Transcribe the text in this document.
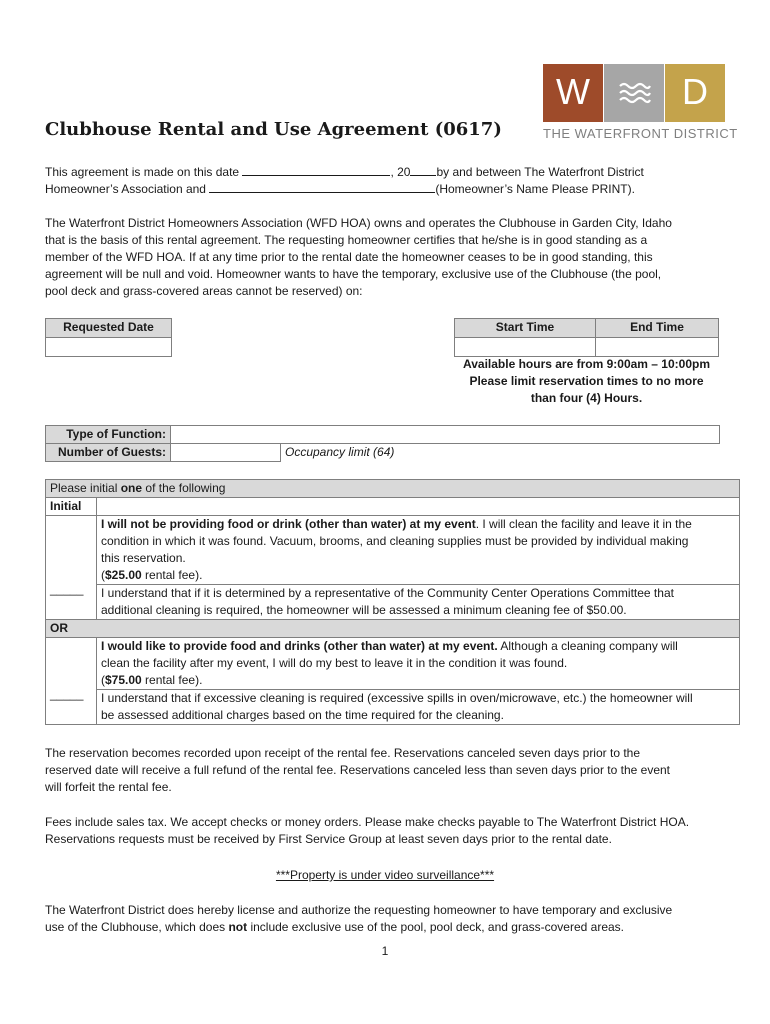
W	D
THE WATERFRONT DISTRICT
Clubhouse Rental and Use Agreement (0617)
This agreement is made on this date	, 20 by and between The Waterfront District
Homeowner’s Association and	(Homeowner’s Name Please PRINT).
The Waterfront District Homeowners Association (WFD HOA) owns and operates the Clubhouse in Garden City, Idaho
that is the basis of this rental agreement. The requesting homeowner certifies that he/she is in good standing as a
member of the WFD HOA. If at any time prior to the rental date the homeowner ceases to be in good standing, this
agreement will be null and void. Homeowner wants to have the temporary, exclusive use of the Clubhouse (the pool,
pool deck and grass-covered areas cannot be reserved) on:
Requested Date	Start Time	End Time

Available hours are from 9:00am – 10:00pm
Please limit reservation times to no more
than four (4) Hours.
Type of Function:		
Number of Guests:		Occupancy limit (64)
Please initial one of the following	
Initial	
_____	I will not be providing food or drink (other than water) at my event. I will clean the facility and leave it in the
condition in which it was found. Vacuum, brooms, and cleaning supplies must be provided by individual making
this reservation.
($25.00 rental fee).
	I understand that if it is determined by a representative of the Community Center Operations Committee that
additional cleaning is required, the homeowner will be assessed a minimum cleaning fee of $50.00.
OR	
_____	I would like to provide food and drinks (other than water) at my event. Although a cleaning company will
clean the facility after my event, I will do my best to leave it in the condition it was found.
($75.00 rental fee).
	I understand that if excessive cleaning is required (excessive spills in oven/microwave, etc.) the homeowner will
be assessed additional charges based on the time required for the cleaning.
The reservation becomes recorded upon receipt of the rental fee. Reservations canceled seven days prior to the
reserved date will receive a full refund of the rental fee. Reservations canceled less than seven days prior to the event
will forfeit the rental fee.
Fees include sales tax. We accept checks or money orders. Please make checks payable to The Waterfront District HOA.
Reservations requests must be received by First Service Group at least seven days prior to the rental date.
***Property is under video surveillance***
The Waterfront District does hereby license and authorize the requesting homeowner to have temporary and exclusive
use of the Clubhouse, which does not include exclusive use of the pool, pool deck, and grass-covered areas.
1
